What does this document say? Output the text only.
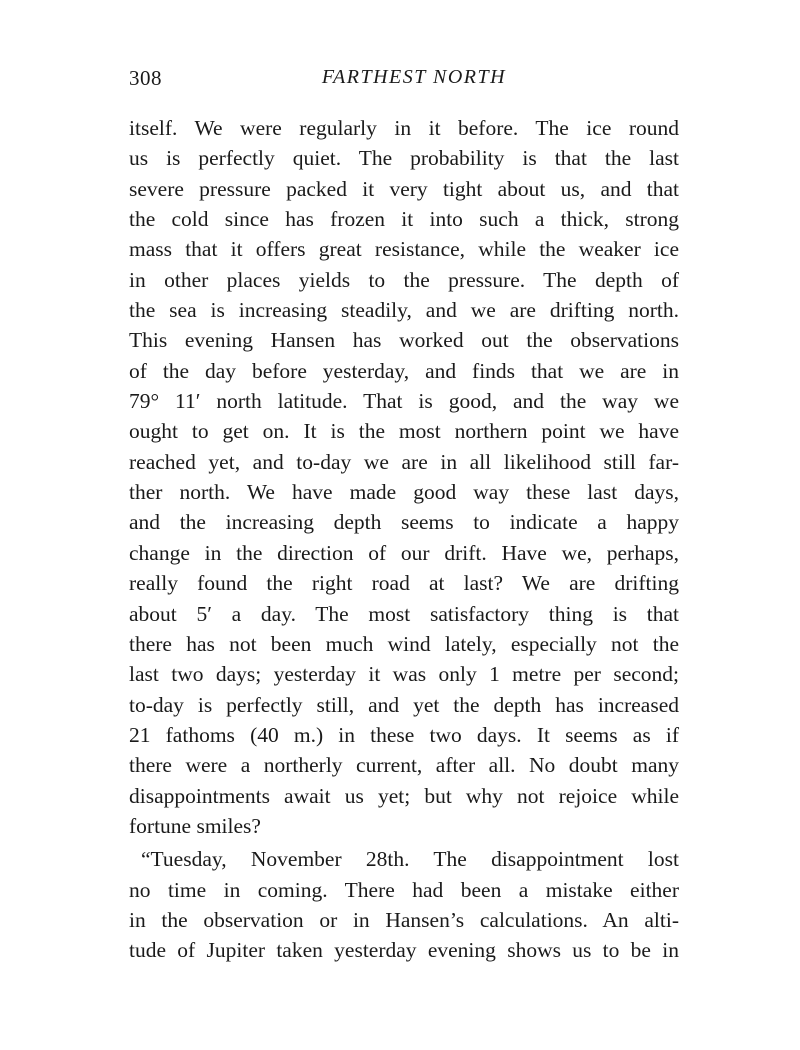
308	FARTHEST NORTH
itself. We were regularly in it before. The ice round
us is perfectly quiet. The probability is that the last
severe pressure packed it very tight about us, and that
the cold since has frozen it into such a thick, strong
mass that it offers great resistance, while the weaker ice
in other places yields to the pressure. The depth of
the sea is increasing steadily, and we are drifting north.
This evening Hansen has worked out the observations
of the day before yesterday, and finds that we are in
79° 11′ north latitude. That is good, and the way we
ought to get on. It is the most northern point we have
reached yet, and to-day we are in all likelihood still far-
ther north. We have made good way these last days,
and the increasing depth seems to indicate a happy
change in the direction of our drift. Have we, perhaps,
really found the right road at last? We are drifting
about 5′ a day. The most satisfactory thing is that
there has not been much wind lately, especially not the
last two days; yesterday it was only 1 metre per second;
to-day is perfectly still, and yet the depth has increased
21 fathoms (40 m.) in these two days. It seems as if
there were a northerly current, after all. No doubt many
disappointments await us yet; but why not rejoice while
fortune smiles?
“Tuesday, November 28th. The disappointment lost
no time in coming. There had been a mistake either
in the observation or in Hansen’s calculations. An alti-
tude of Jupiter taken yesterday evening shows us to be in
